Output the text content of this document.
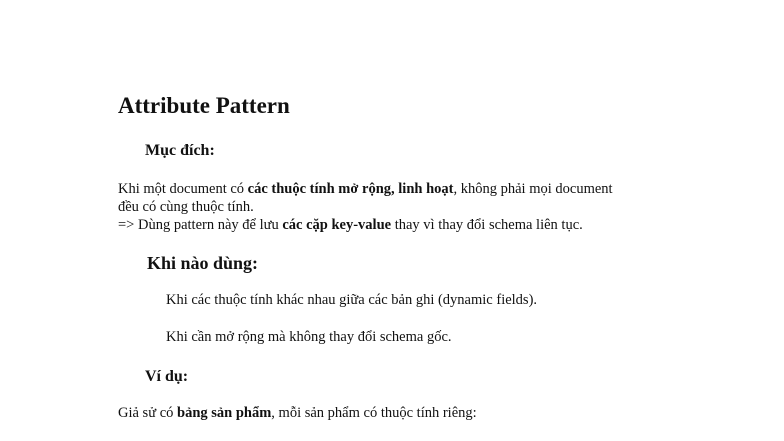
Attribute Pattern
Mục đích:

Khi một document có các thuộc tính mở rộng, linh hoạt, không phải mọi document

đều có cùng thuộc tính.

=> Dùng pattern này để lưu các cặp key-value thay vì thay đổi schema liên tục.

Khi nào dùng:

Khi các thuộc tính khác nhau giữa các bản ghi (dynamic fields).

Khi cần mở rộng mà không thay đổi schema gốc.

Ví dụ:

Giả sử có bảng sản phẩm, mỗi sản phẩm có thuộc tính riêng:
